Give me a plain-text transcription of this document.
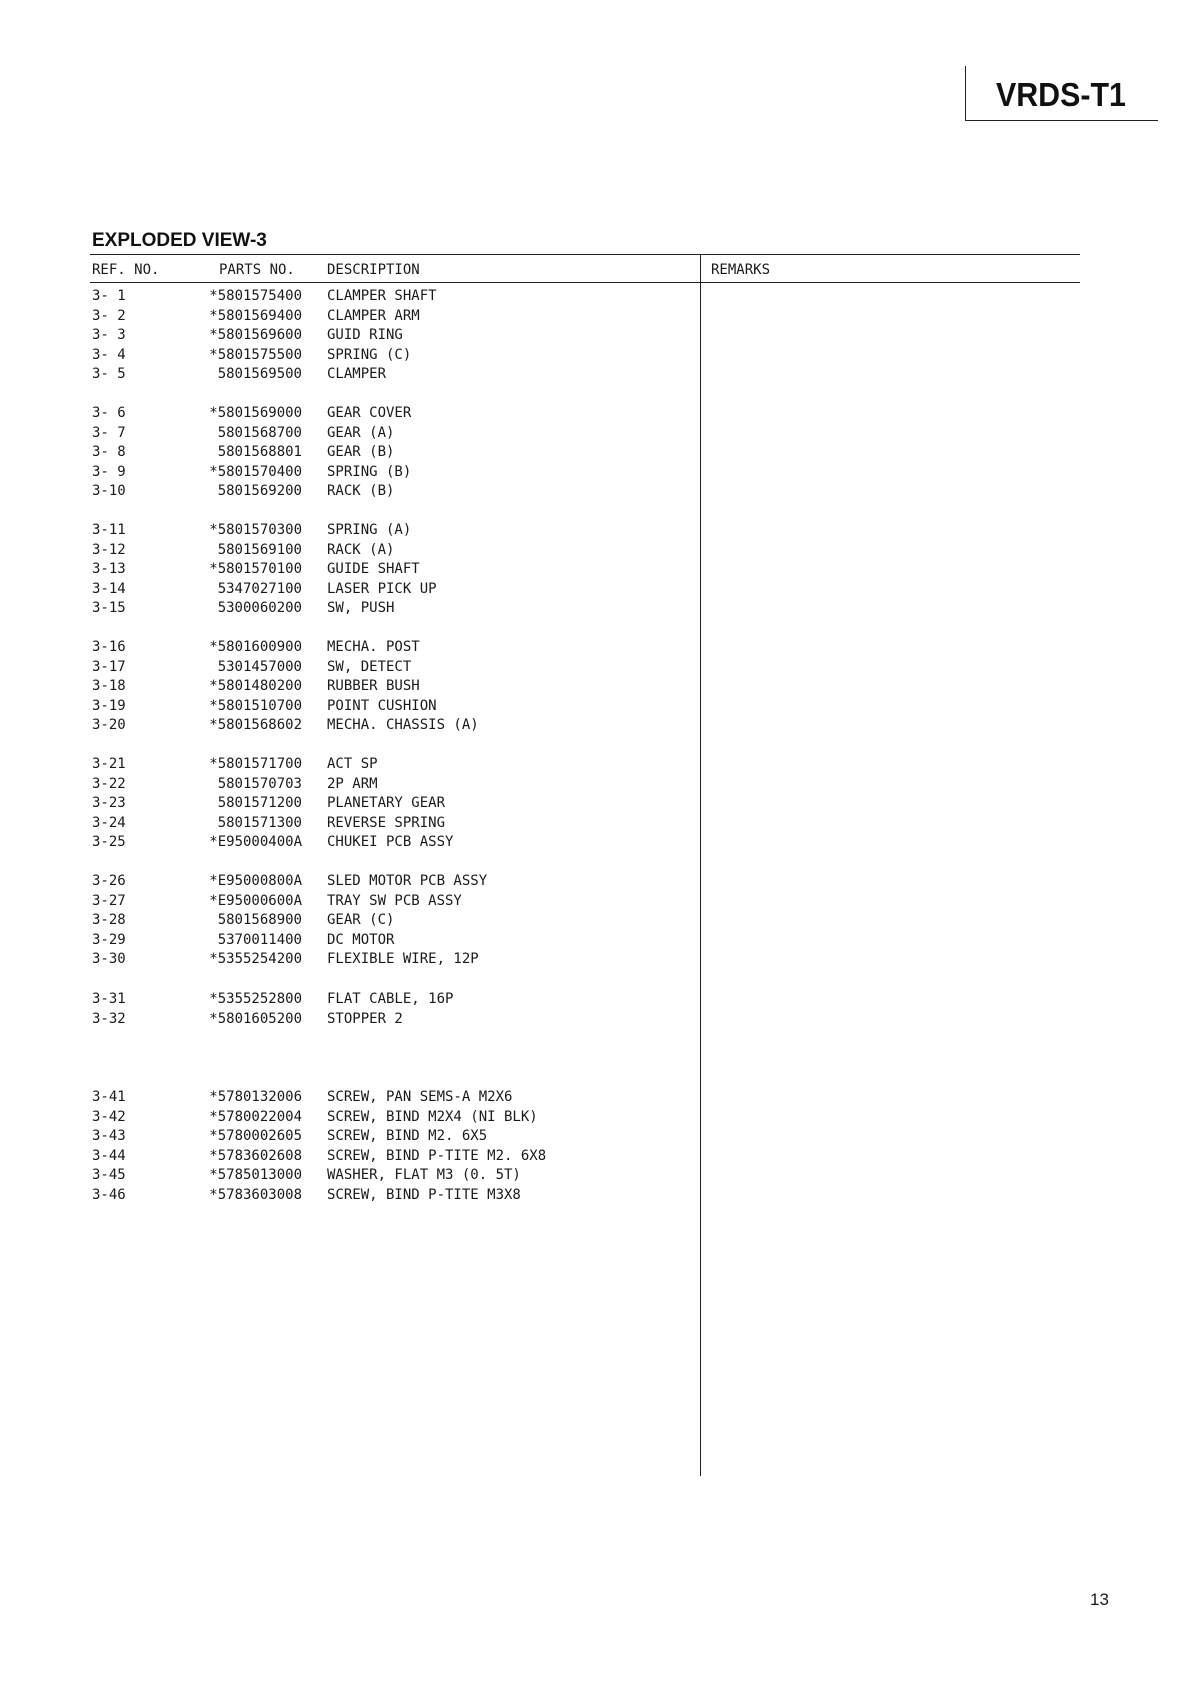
VRDS-T1
EXPLODED VIEW-3
REF. NO.	PARTS NO. DESCRIPTION	REMARKS
3- 1	*5801575400 CLAMPER SHAFT
3- 2	*5801569400 CLAMPER ARM
3- 3	*5801569600 GUID RING
3- 4	*5801575500 SPRING (C)
3- 5	5801569500 CLAMPER
3- 6	*5801569000 GEAR COVER
3- 7	5801568700 GEAR (A)
3- 8	5801568801 GEAR (B)
3- 9	*5801570400 SPRING (B)
3-10	5801569200 RACK (B)
3-11	*5801570300 SPRING (A)
3-12	5801569100 RACK (A)
3-13	*5801570100 GUIDE SHAFT
3-14	5347027100 LASER PICK UP
3-15	5300060200 SW, PUSH
3-16	*5801600900 MECHA. POST
3-17	5301457000 SW, DETECT
3-18	*5801480200 RUBBER BUSH
3-19	*5801510700 POINT CUSHION
3-20	*5801568602 MECHA. CHASSIS (A)
3-21	*5801571700 ACT SP
3-22	5801570703 2P ARM
3-23	5801571200 PLANETARY GEAR
3-24	5801571300 REVERSE SPRING
3-25	*E95000400A CHUKEI PCB ASSY
3-26	*E95000800A SLED MOTOR PCB ASSY
3-27	*E95000600A TRAY SW PCB ASSY
3-28	5801568900 GEAR (C)
3-29	5370011400 DC MOTOR
3-30	*5355254200 FLEXIBLE WIRE, 12P
3-31	*5355252800 FLAT CABLE, 16P
3-32	*5801605200 STOPPER 2
3-41	*5780132006 SCREW, PAN SEMS-A M2X6
3-42	*5780022004 SCREW, BIND M2X4 (NI BLK)
3-43	*5780002605 SCREW, BIND M2. 6X5
3-44	*5783602608 SCREW, BIND P-TITE M2. 6X8
3-45	*5785013000 WASHER, FLAT M3 (0. 5T)
3-46	*5783603008 SCREW, BIND P-TITE M3X8
13
